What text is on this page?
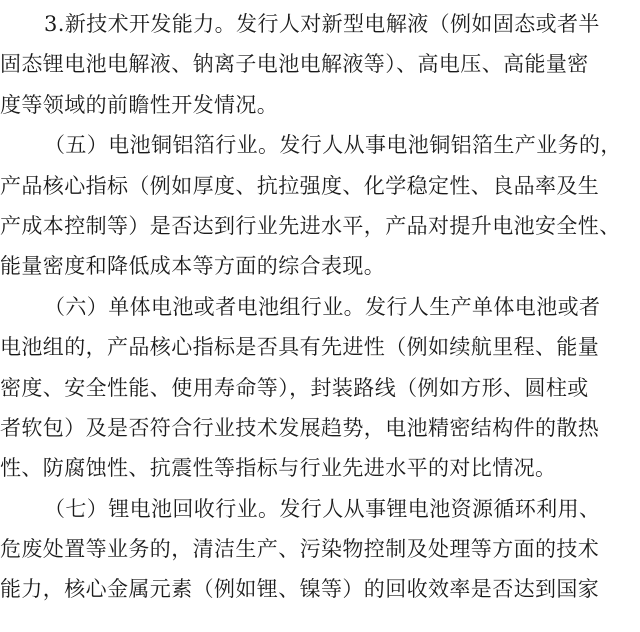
3.新技术开发能力。发行人对新型电解液（例如固态或者半
固态锂电池电解液、钠离子电池电解液等）、高电压、高能量密
度等领域的前瞻性开发情况。
（五）电池铜铝箔行业。发行人从事电池铜铝箔生产业务的，
产品核心指标（例如厚度、抗拉强度、化学稳定性、良品率及生
产成本控制等）是否达到行业先进水平，产品对提升电池安全性、
能量密度和降低成本等方面的综合表现。
（六）单体电池或者电池组行业。发行人生产单体电池或者
电池组的，产品核心指标是否具有先进性（例如续航里程、能量
密度、安全性能、使用寿命等），封装路线（例如方形、圆柱或
者软包）及是否符合行业技术发展趋势，电池精密结构件的散热
性、防腐蚀性、抗震性等指标与行业先进水平的对比情况。
（七）锂电池回收行业。发行人从事锂电池资源循环利用、
危废处置等业务的，清洁生产、污染物控制及处理等方面的技术
能力，核心金属元素（例如锂、镍等）的回收效率是否达到国家
